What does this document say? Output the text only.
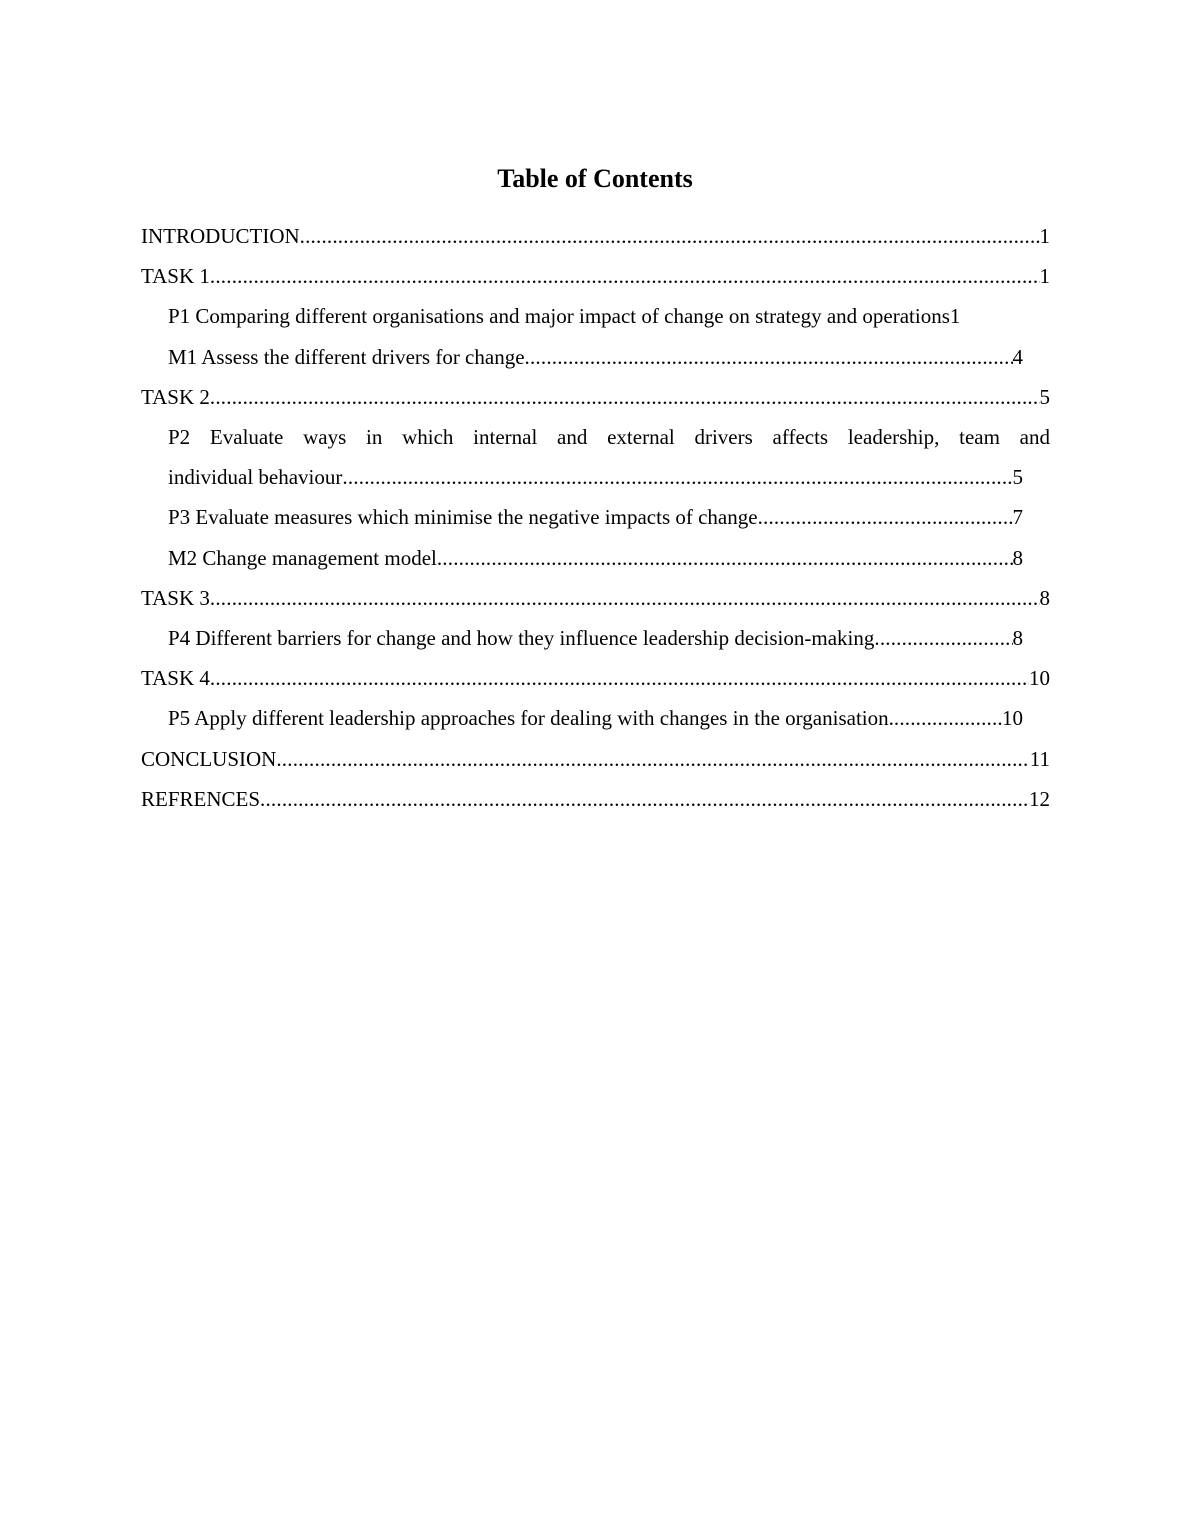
Table of Contents
INTRODUCTION .....	1
TASK 1 .....	1
P1 Comparing different organisations and major impact of change on strategy and operations 1
M1 Assess the different drivers for change .....	4
TASK 2 .....	5
P2 Evaluate ways in which internal and external drivers affects leadership, team and
individual behaviour .....	5
P3 Evaluate measures which minimise the negative impacts of change .....	7
M2 Change management model .....	8
TASK 3 .....	8
P4 Different barriers for change and how they influence leadership decision-making .....	8
TASK 4 .....	10
P5 Apply different leadership approaches for dealing with changes in the organisation. .....	10
CONCLUSION .....	11
REFRENCES .....	12
